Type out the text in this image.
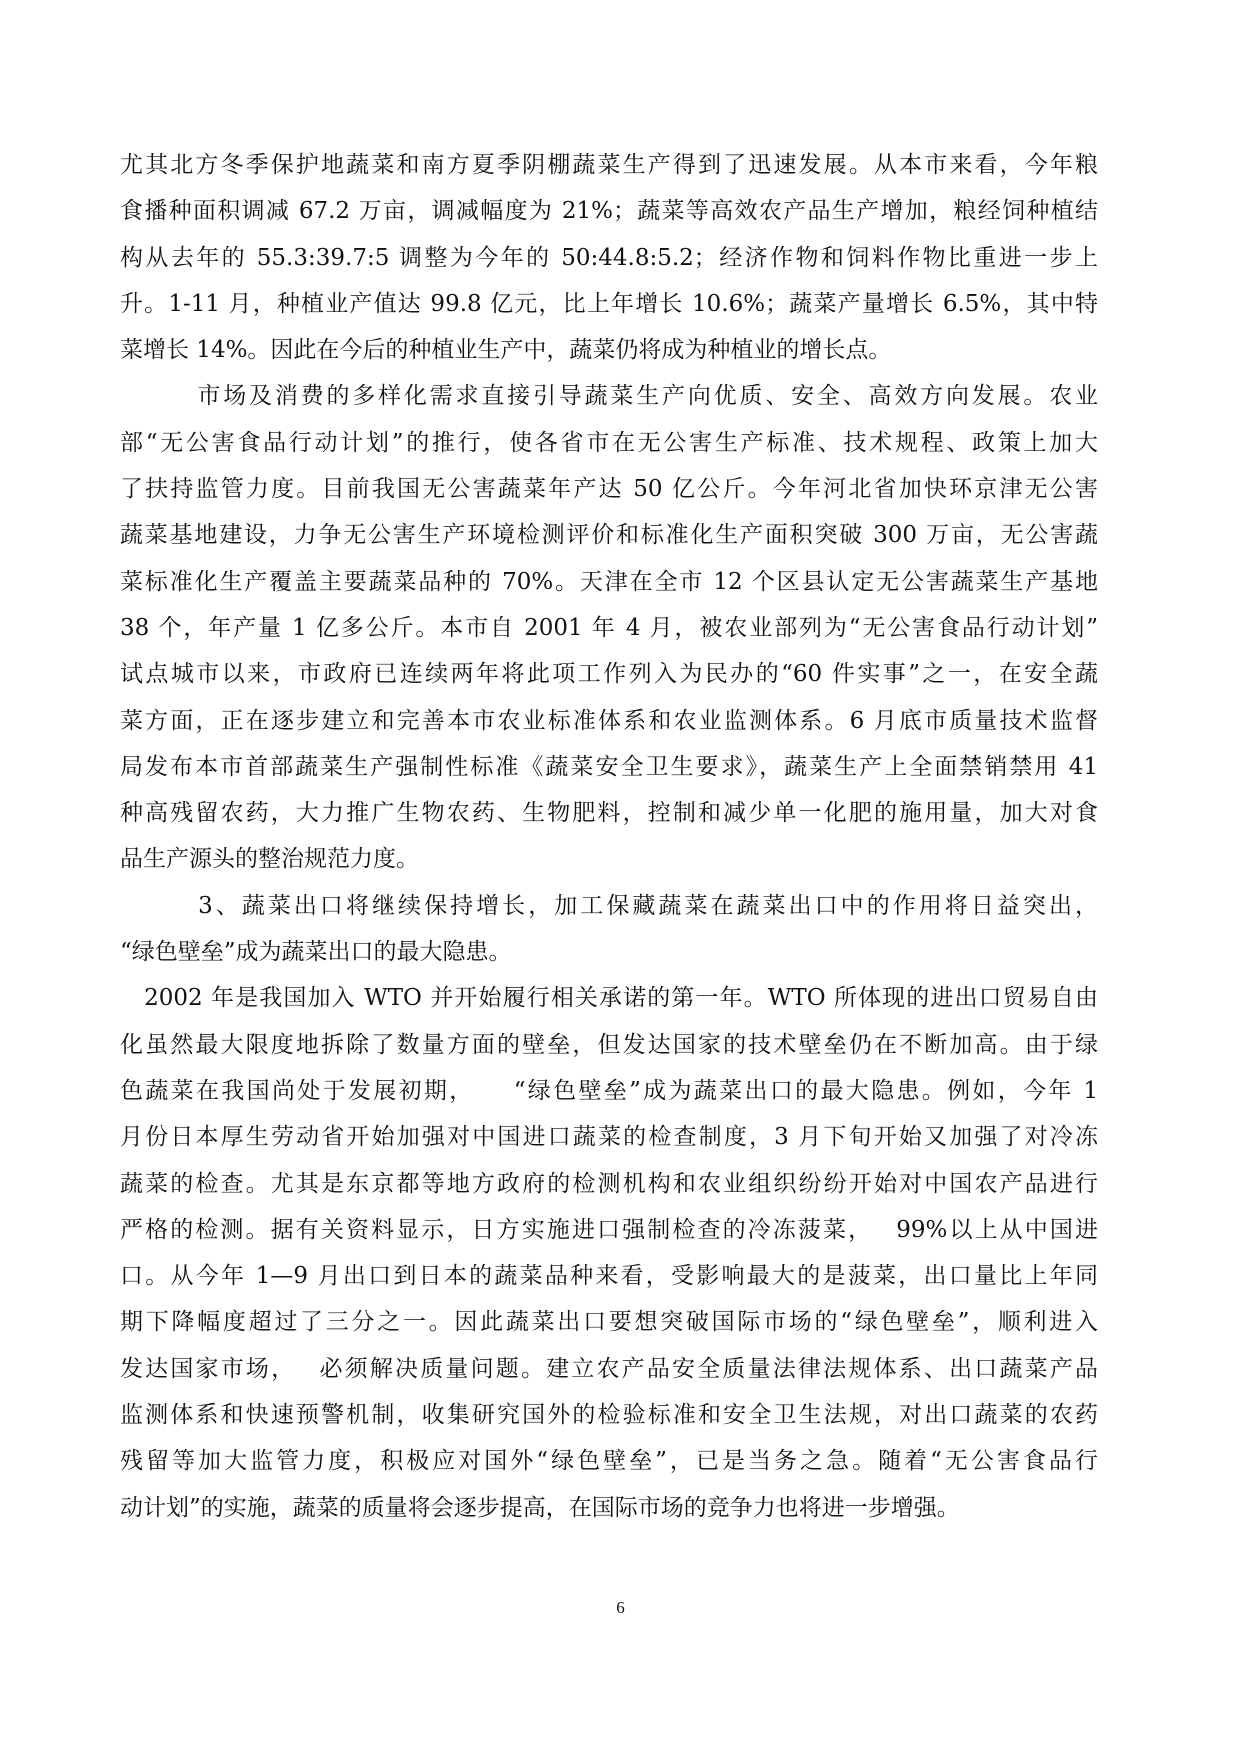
尤其北方冬季保护地蔬菜和南方夏季阴棚蔬菜生产得到了迅速发展。从本市来看，今年粮
食播种面积调减 67.2 万亩，调减幅度为 21%；蔬菜等高效农产品生产增加，粮经饲种植结
构从去年的 55.3:39.7:5 调整为今年的 50:44.8:5.2；经济作物和饲料作物比重进一步上
升。1-11 月，种植业产值达 99.8 亿元，比上年增长 10.6%；蔬菜产量增长 6.5%，其中特
菜增长 14%。因此在今后的种植业生产中，蔬菜仍将成为种植业的增长点。
　　　市场及消费的多样化需求直接引导蔬菜生产向优质、安全、高效方向发展。农业
部“无公害食品行动计划”的推行，使各省市在无公害生产标准、技术规程、政策上加大
了扶持监管力度。目前我国无公害蔬菜年产达 50 亿公斤。今年河北省加快环京津无公害
蔬菜基地建设，力争无公害生产环境检测评价和标准化生产面积突破 300 万亩，无公害蔬
菜标准化生产覆盖主要蔬菜品种的 70%。天津在全市 12 个区县认定无公害蔬菜生产基地
38 个，年产量 1 亿多公斤。本市自 2001 年 4 月，被农业部列为“无公害食品行动计划”
试点城市以来，市政府已连续两年将此项工作列入为民办的“60 件实事”之一，在安全蔬
菜方面，正在逐步建立和完善本市农业标准体系和农业监测体系。6 月底市质量技术监督
局发布本市首部蔬菜生产强制性标准《蔬菜安全卫生要求》，蔬菜生产上全面禁销禁用 41
种高残留农药，大力推广生物农药、生物肥料，控制和减少单一化肥的施用量，加大对食
品生产源头的整治规范力度。
　　　3、蔬菜出口将继续保持增长，加工保藏蔬菜在蔬菜出口中的作用将日益突出，
“绿色壁垒”成为蔬菜出口的最大隐患。
　2002 年是我国加入 WTO 并开始履行相关承诺的第一年。WTO 所体现的进出口贸易自由
化虽然最大限度地拆除了数量方面的壁垒，但发达国家的技术壁垒仍在不断加高。由于绿
色蔬菜在我国尚处于发展初期，　　“绿色壁垒”成为蔬菜出口的最大隐患。例如，今年 1
月份日本厚生劳动省开始加强对中国进口蔬菜的检查制度，3 月下旬开始又加强了对冷冻
蔬菜的检查。尤其是东京都等地方政府的检测机构和农业组织纷纷开始对中国农产品进行
严格的检测。据有关资料显示，日方实施进口强制检查的冷冻菠菜，　 99%以上从中国进
口。从今年 1—9 月出口到日本的蔬菜品种来看，受影响最大的是菠菜，出口量比上年同
期下降幅度超过了三分之一。因此蔬菜出口要想突破国际市场的“绿色壁垒”，顺利进入
发达国家市场，　 必须解决质量问题。建立农产品安全质量法律法规体系、出口蔬菜产品
监测体系和快速预警机制，收集研究国外的检验标准和安全卫生法规，对出口蔬菜的农药
残留等加大监管力度，积极应对国外“绿色壁垒”，已是当务之急。随着“无公害食品行
动计划”的实施，蔬菜的质量将会逐步提高，在国际市场的竞争力也将进一步增强。
6
